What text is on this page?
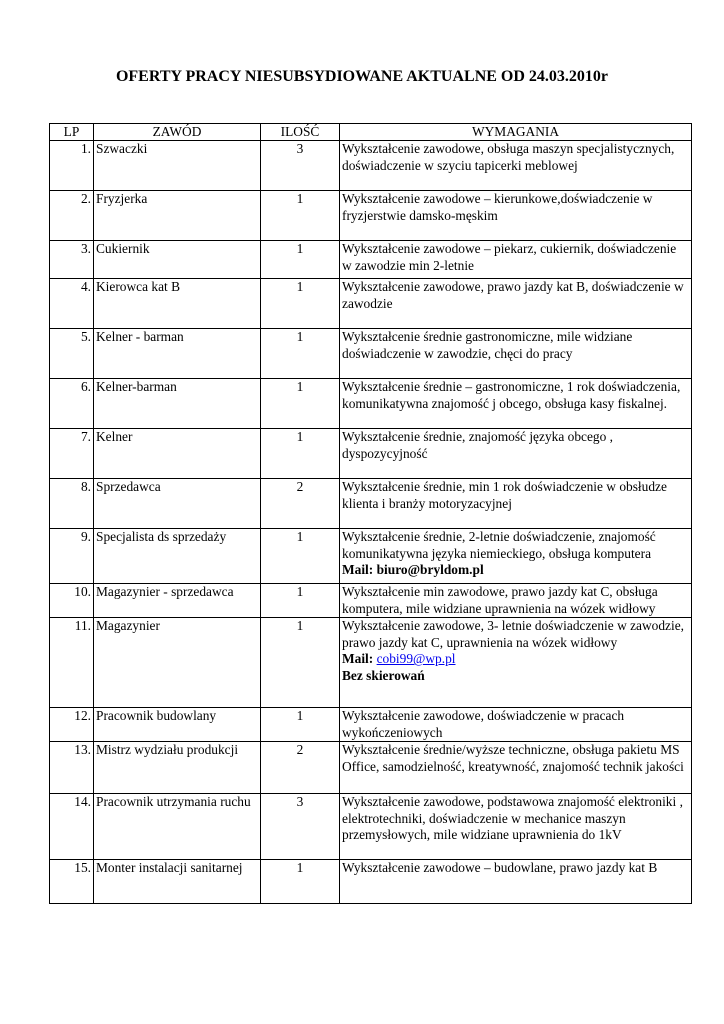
OFERTY PRACY NIESUBSYDIOWANE AKTUALNE OD 24.03.2010r
LP	ZAWÓD	ILOŚĆ	WYMAGANIA
1.	Szwaczki	3	Wykształcenie zawodowe, obsługa maszyn specjalistycznych, doświadczenie w szyciu tapicerki meblowej
2.	Fryzjerka	1	Wykształcenie zawodowe – kierunkowe,doświadczenie w fryzjerstwie damsko-męskim
3.	Cukiernik	1	Wykształcenie zawodowe – piekarz, cukiernik, doświadczenie w zawodzie min 2-letnie
4.	Kierowca kat B	1	Wykształcenie zawodowe, prawo jazdy kat B, doświadczenie w zawodzie
5.	Kelner - barman	1	Wykształcenie średnie gastronomiczne, mile widziane doświadczenie w zawodzie, chęci do pracy
6.	Kelner-barman	1	Wykształcenie średnie – gastronomiczne, 1 rok doświadczenia, komunikatywna znajomość j obcego, obsługa kasy fiskalnej.
7.	Kelner	1	Wykształcenie średnie, znajomość języka obcego , dyspozycyjność
8.	Sprzedawca	2	Wykształcenie średnie, min 1 rok doświadczenie w obsłudze klienta i branży motoryzacyjnej
9.	Specjalista ds sprzedaży	1	Wykształcenie średnie, 2-letnie doświadczenie, znajomość komunikatywna języka niemieckiego, obsługa komputera
Mail: biuro@bryldom.pl

10.	Magazynier - sprzedawca	1	Wykształcenie min zawodowe, prawo jazdy kat C, obsługa komputera, mile widziane uprawnienia na wózek widłowy
11.	Magazynier	1	Wykształcenie zawodowe, 3- letnie doświadczenie w zawodzie, prawo jazdy kat C, uprawnienia na wózek widłowy
Mail: cobi99@wp.pl
Bez skierowań

12.	Pracownik budowlany	1	Wykształcenie zawodowe, doświadczenie w pracach wykończeniowych
13.	Mistrz wydziału produkcji	2	Wykształcenie średnie/wyższe techniczne, obsługa pakietu MS Office, samodzielność, kreatywność, znajomość technik jakości
14.	Pracownik utrzymania ruchu	3	Wykształcenie zawodowe, podstawowa znajomość elektroniki , elektrotechniki, doświadczenie w mechanice maszyn przemysłowych, mile widziane uprawnienia do 1kV
15.	Monter instalacji sanitarnej	1	Wykształcenie zawodowe – budowlane, prawo jazdy kat B
